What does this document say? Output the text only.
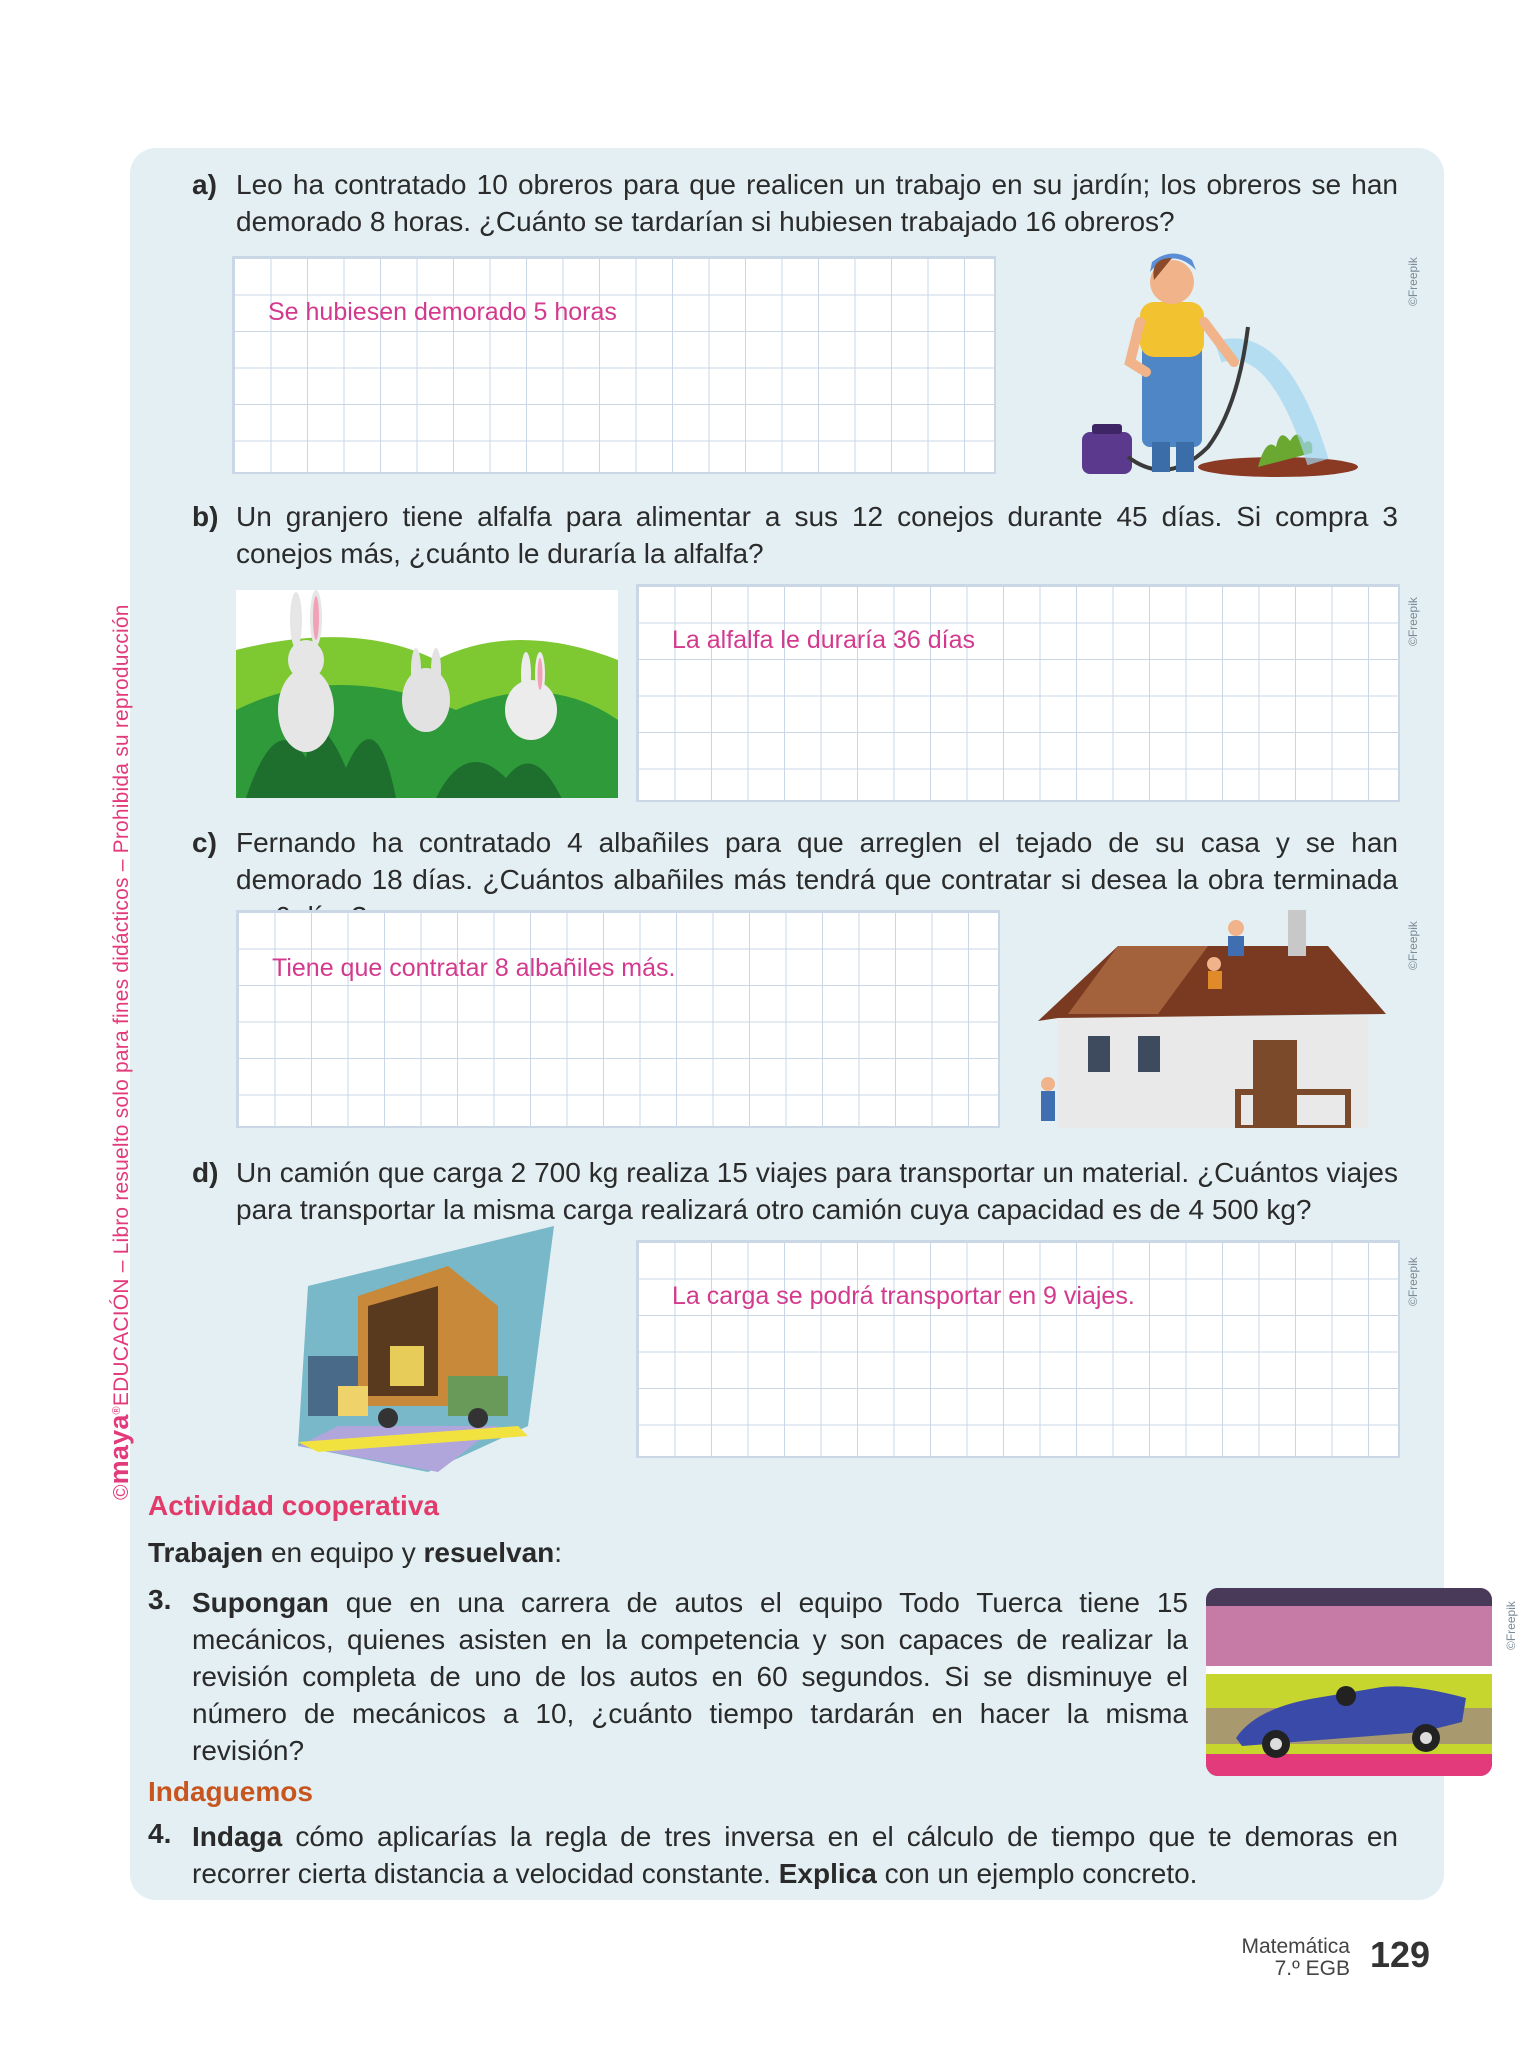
©maya®EDUCACIÓN – Libro resuelto solo para fines didácticos – Prohibida su reproducción
a) Leo ha contratado 10 obreros para que realicen un trabajo en su jardín; los obreros se han demorado 8 horas. ¿Cuánto se tardarían si hubiesen trabajado 16 obreros?
Se hubiesen demorado 5 horas
©Freepik
b) Un granjero tiene alfalfa para alimentar a sus 12 conejos durante 45 días. Si compra 3 conejos más, ¿cuánto le duraría la alfalfa?
La alfalfa le duraría 36 días	©Freepik
c) Fernando ha contratado 4 albañiles para que arreglen el tejado de su casa y se han demorado 18 días. ¿Cuántos albañiles más tendrá que contratar si desea la obra terminada
Tiene que contratar 8 albañiles más.	©Freepik
d) Un camión que carga 2 700 kg realiza 15 viajes para transportar un material. ¿Cuántos viajes para transportar la misma carga realizará otro camión cuya capacidad es de 4 500 kg?
La carga se podrá transportar en 9 viajes.	©Freepik
Actividad cooperativa
Trabajen en equipo y resuelvan:
3. Supongan que en una carrera de autos el equipo Todo Tuerca tiene 15 mecánicos, quienes asisten en la competencia y son capaces de realizar la revisión completa de uno de los autos en 60 segundos. Si se disminuye el número de mecánicos a 10, ¿cuánto tiempo tardarán en hacer la misma revisión?
©Freepik
Indaguemos
4. Indaga cómo aplicarías la regla de tres inversa en el cálculo de tiempo que te demoras en recorrer cierta distancia a velocidad constante. Explica con un ejemplo concreto.
Matemática
7.º EGB 129
